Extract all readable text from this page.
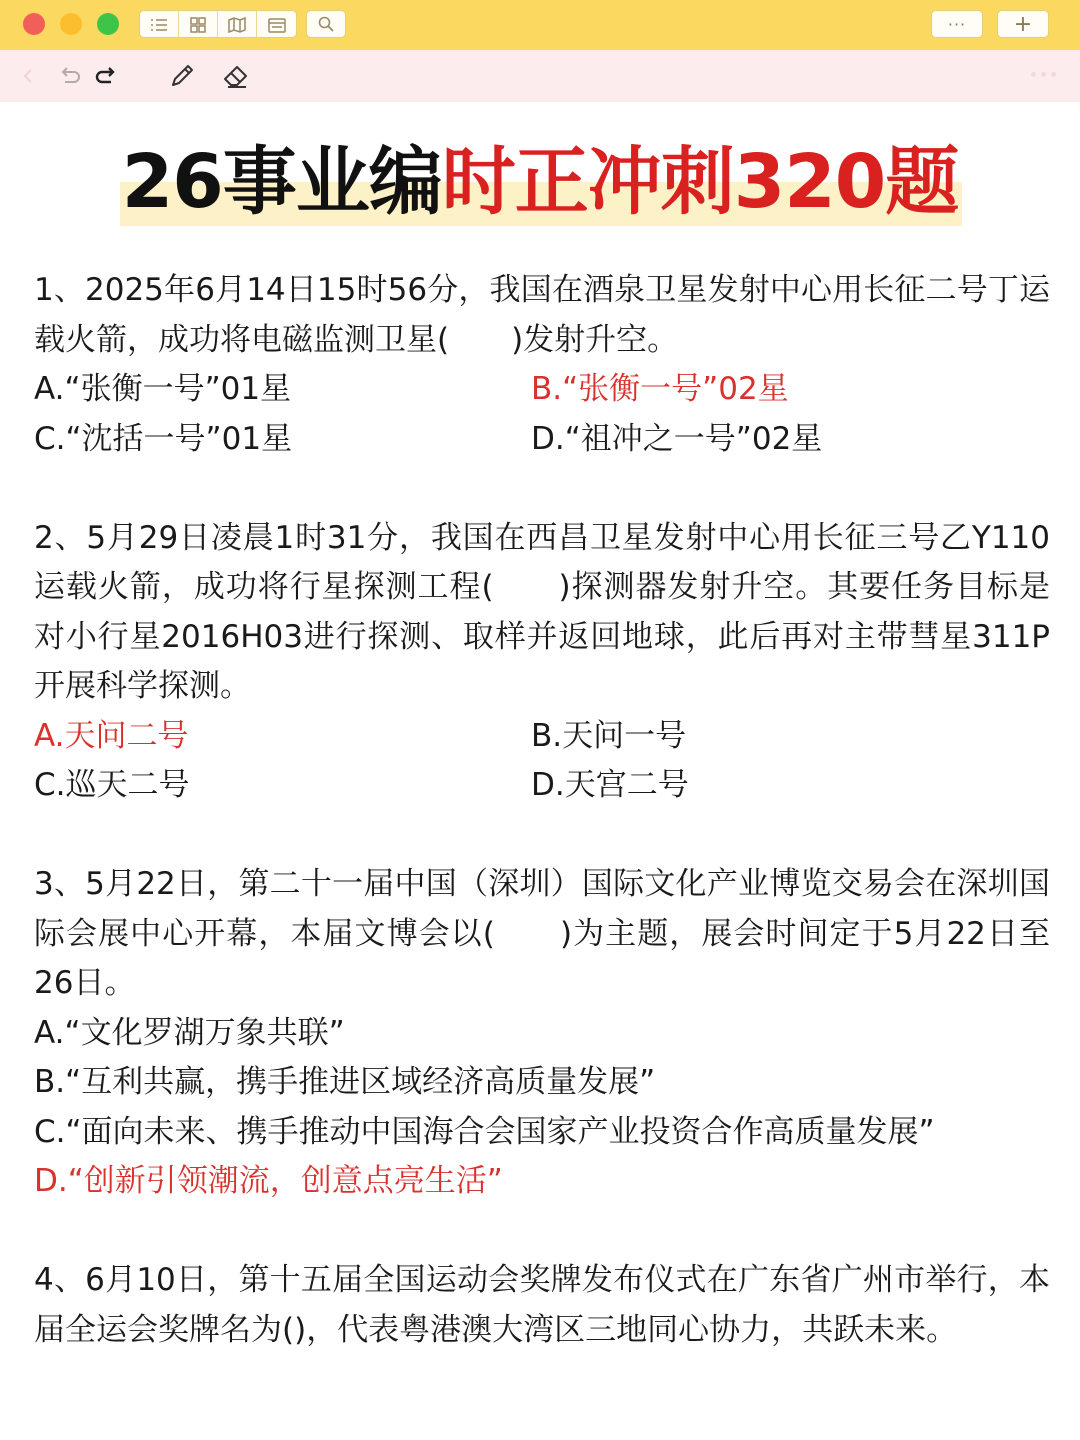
··· +
26事业编时正冲刺320题
1、2025年6月14日15时56分，我国在酒泉卫星发射中心用长征二号丁运载火箭，成功将电磁监测卫星(　　)发射升空。
A.“张衡一号”01星	B.“张衡一号”02星
C.“沈括一号”01星	D.“祖冲之一号”02星
2、5月29日凌晨1时31分，我国在西昌卫星发射中心用长征三号乙Y110运载火箭，成功将行星探测工程(　　)探测器发射升空。其要任务目标是对小行星2016H03进行探测、取样并返回地球，此后再对主带彗星311P开展科学探测。
A.天问二号	B.天问一号
C.巡天二号	D.天宫二号
3、5月22日，第二十一届中国（深圳）国际文化产业博览交易会在深圳国际会展中心开幕，本届文博会以(　　)为主题，展会时间定于5月22日至26日。
A.“文化罗湖万象共联”
B.“互利共赢，携手推进区域经济高质量发展”
C.“面向未来、携手推动中国海合会国家产业投资合作高质量发展”
D.“创新引领潮流，创意点亮生活”
4、6月10日，第十五届全国运动会奖牌发布仪式在广东省广州市举行，本届全运会奖牌名为()，代表粤港澳大湾区三地同心协力，共跃未来。
